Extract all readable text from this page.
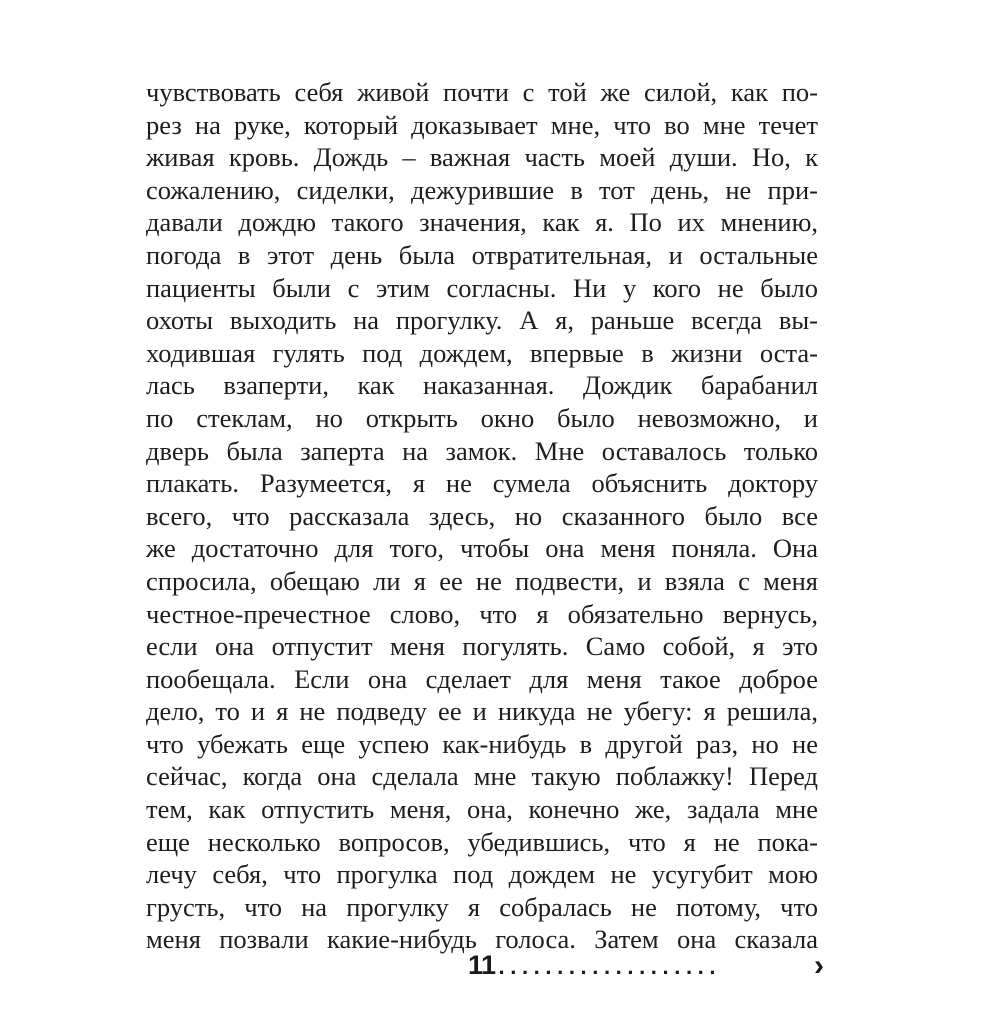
чувствовать себя живой почти с той же силой, как по-
рез на руке, который доказывает мне, что во мне течет
живая кровь. Дождь – важная часть моей души. Но, к
сожалению, сиделки, дежурившие в тот день, не при-
давали дождю такого значения, как я. По их мнению,
погода в этот день была отвратительная, и остальные
пациенты были с этим согласны. Ни у кого не было
охоты выходить на прогулку. А я, раньше всегда вы-
ходившая гулять под дождем, впервые в жизни оста-
лась взаперти, как наказанная. Дождик барабанил
по стеклам, но открыть окно было невозможно, и
дверь была заперта на замок. Мне оставалось только
плакать. Разумеется, я не сумела объяснить доктору
всего, что рассказала здесь, но сказанного было все
же достаточно для того, чтобы она меня поняла. Она
спросила, обещаю ли я ее не подвести, и взяла с меня
честное-пречестное слово, что я обязательно вернусь,
если она отпустит меня погулять. Само собой, я это
пообещала. Если она сделает для меня такое доброе
дело, то и я не подведу ее и никуда не убегу: я решила,
что убежать еще успею как-нибудь в другой раз, но не
сейчас, когда она сделала мне такую поблажку! Перед
тем, как отпустить меня, она, конечно же, задала мне
еще несколько вопросов, убедившись, что я не пока-
лечу себя, что прогулка под дождем не усугубит мою
грусть, что на прогулку я собралась не потому, что
меня позвали какие-нибудь голоса. Затем она сказала
11 ...................	›
